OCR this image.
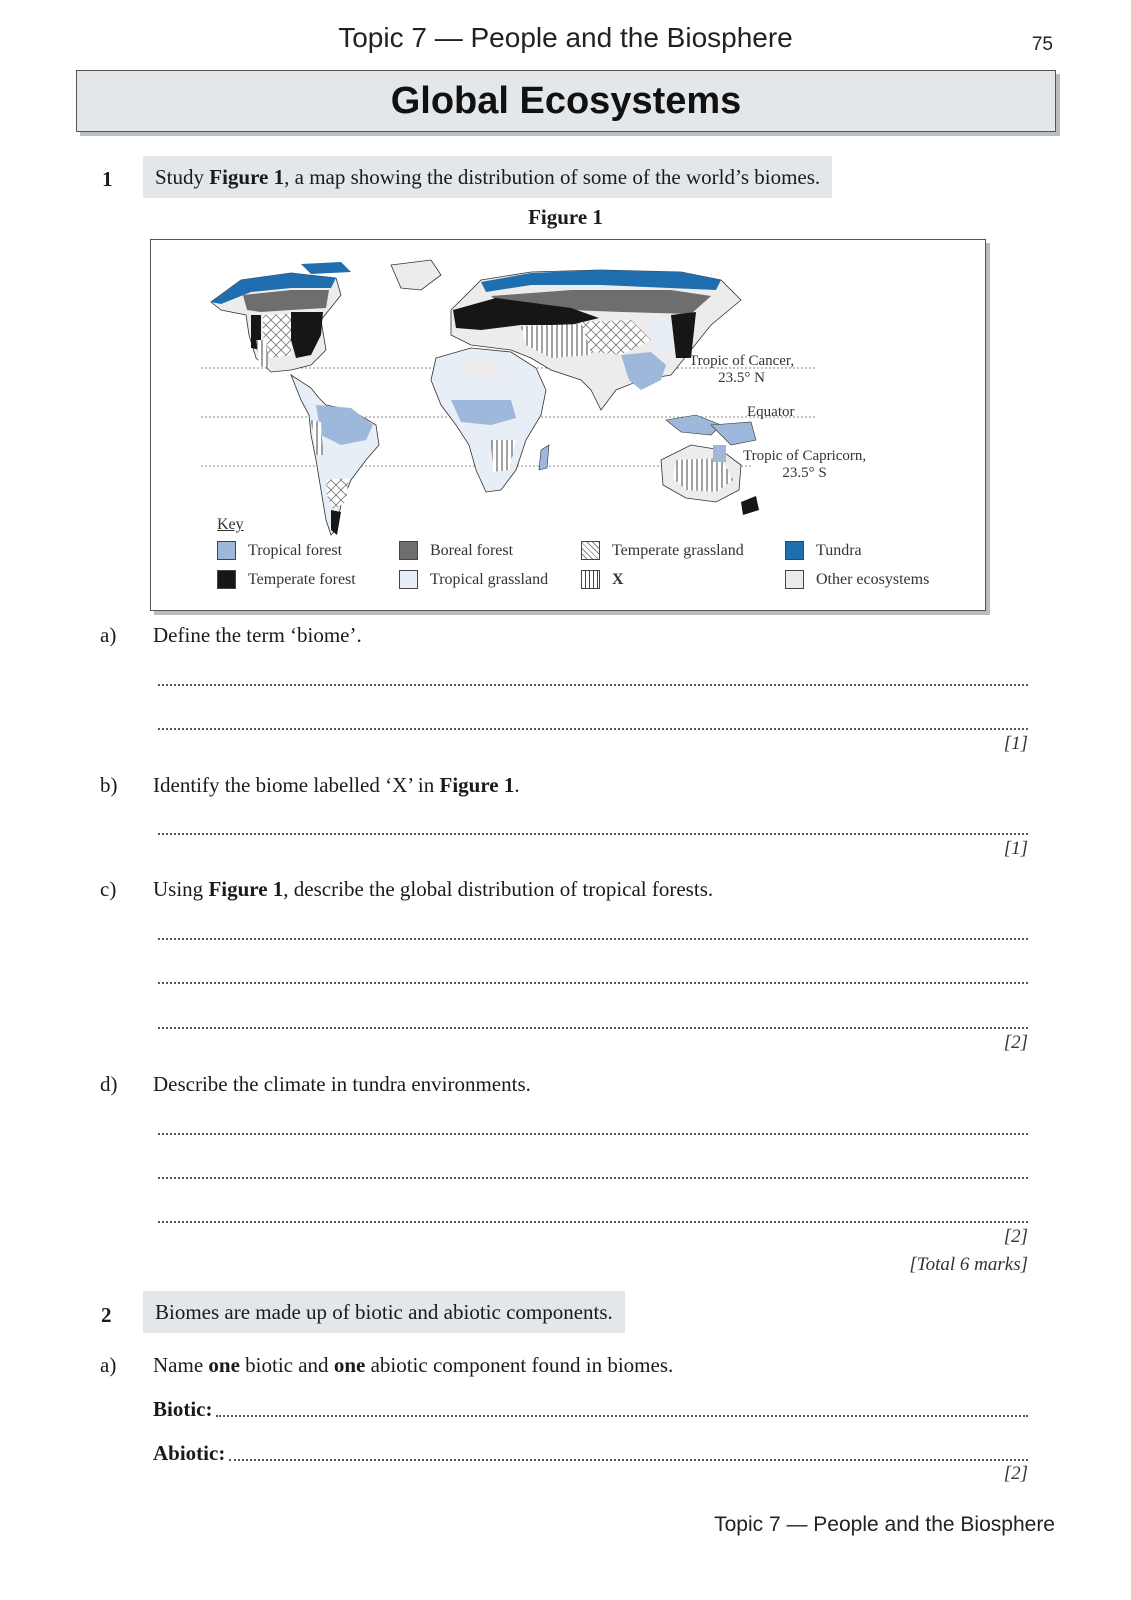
Topic 7 — People and the Biosphere	75
Global Ecosystems
1	Study Figure 1, a map showing the distribution of some of the world’s biomes.
Figure 1
Tropic of Cancer,
23.5° N
Equator
Tropic of Capricorn,
23.5° S
Key
Tropical forest
Temperate forest
Boreal forest
Tropical grassland
Temperate grassland
X
Tundra
Other ecosystems
a) Define the term ‘biome’.
[1]
b) Identify the biome labelled ‘X’ in Figure 1.
[1]
c) Using Figure 1, describe the global distribution of tropical forests.
[2]
d) Describe the climate in tundra environments.
[2]
[Total 6 marks]
2	Biomes are made up of biotic and abiotic components.
a) Name one biotic and one abiotic component found in biomes.
Biotic:
Abiotic:
[2]
Topic 7 — People and the Biosphere
